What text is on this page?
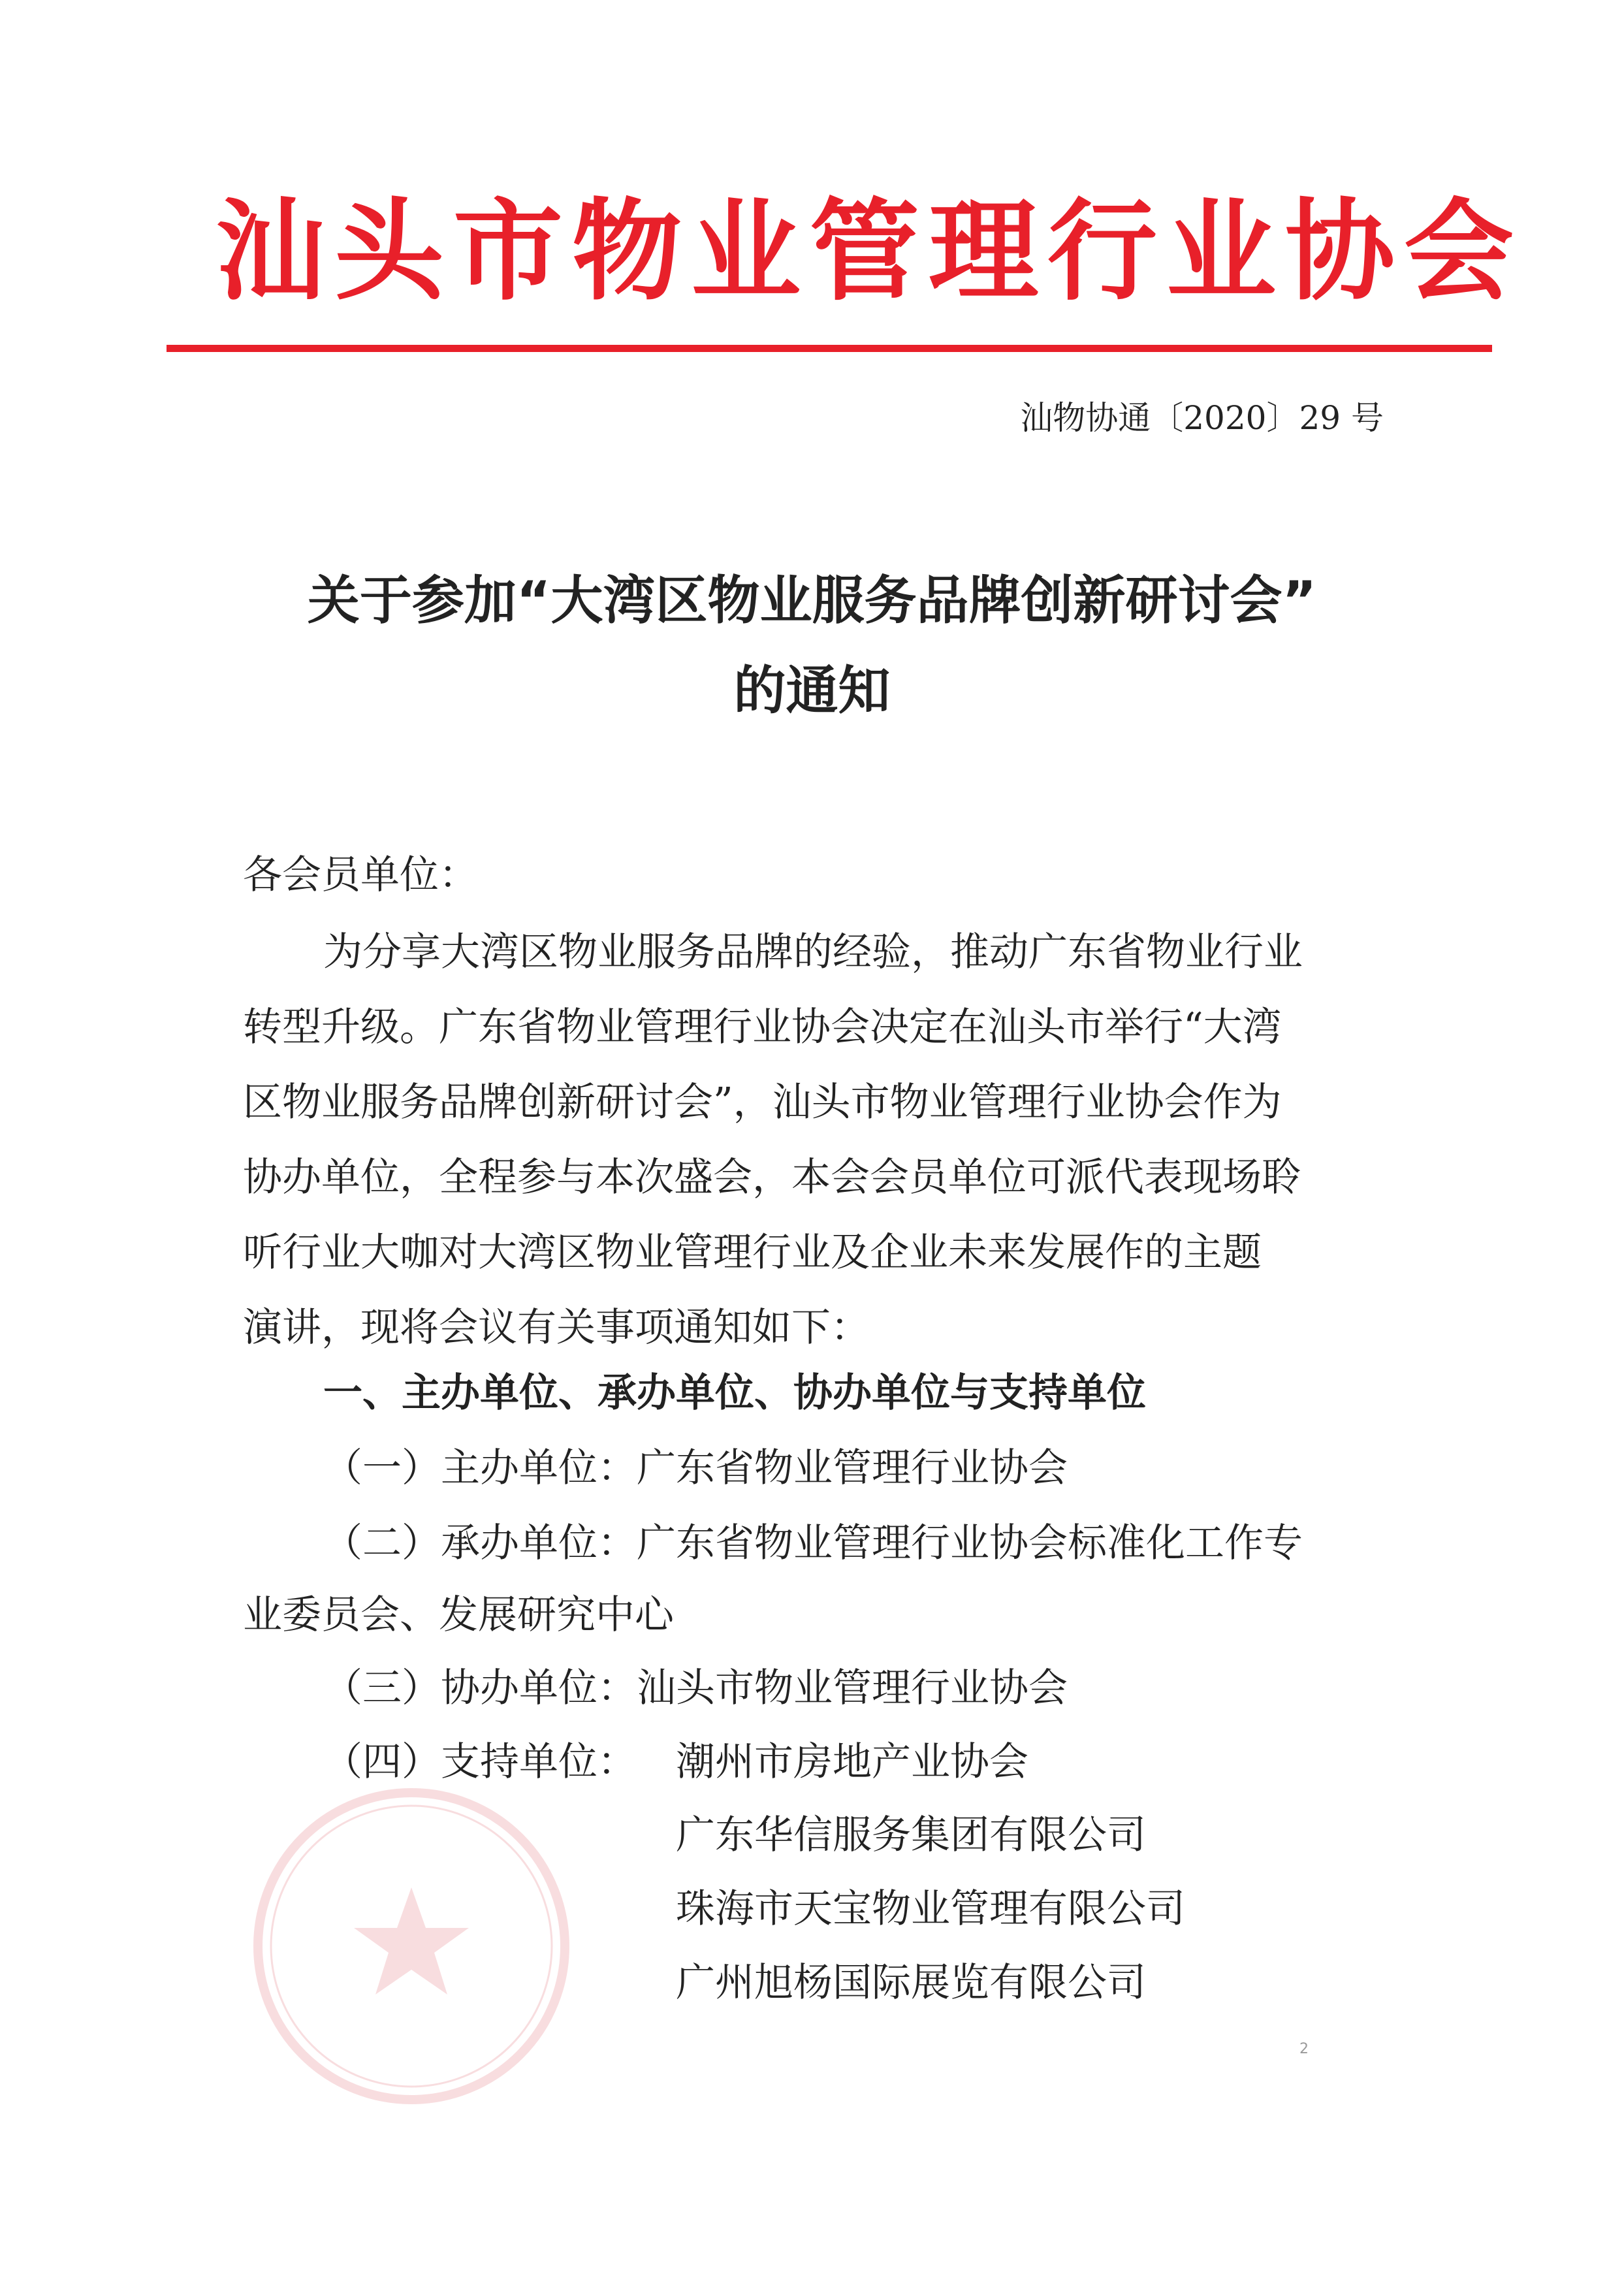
汕头市物业管理行业协会
汕物协通〔2020〕29 号
关于参加“大湾区物业服务品牌创新研讨会”
的通知
各会员单位：
为分享大湾区物业服务品牌的经验，推动广东省物业行业
转型升级。广东省物业管理行业协会决定在汕头市举行“大湾
区物业服务品牌创新研讨会”，汕头市物业管理行业协会作为
协办单位，全程参与本次盛会，本会会员单位可派代表现场聆
听行业大咖对大湾区物业管理行业及企业未来发展作的主题
演讲，现将会议有关事项通知如下：
一、主办单位、承办单位、协办单位与支持单位
（一）主办单位：广东省物业管理行业协会
（二）承办单位：广东省物业管理行业协会标准化工作专
业委员会、发展研究中心
（三）协办单位：汕头市物业管理行业协会
（四）支持单位： 潮州市房地产业协会
广东华信服务集团有限公司
珠海市天宝物业管理有限公司
广州旭杨国际展览有限公司
2
